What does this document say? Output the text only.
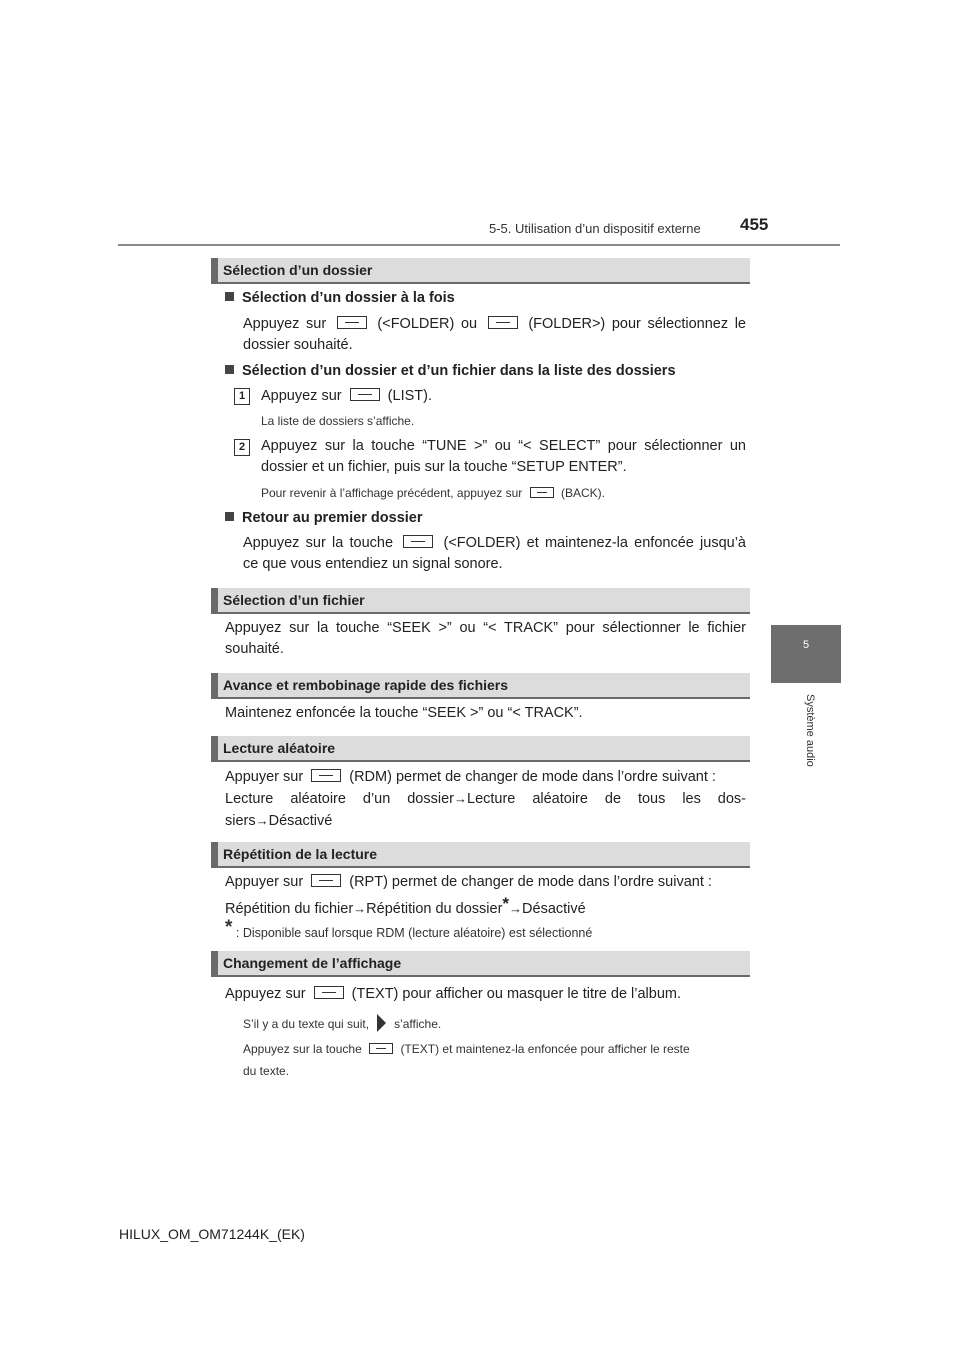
5-5. Utilisation d’un dispositif externe 455
5
Système audio
Sélection d’un dossier
Sélection d’un dossier à la fois
Appuyez sur	(<FOLDER) ou	(FOLDER>) pour sélectionnez le
dossier souhaité.
Sélection d’un dossier et d’un fichier dans la liste des dossiers
1	Appuyez sur	(LIST).
La liste de dossiers s’affiche.
2	Appuyez sur la touche “TUNE >” ou “< SELECT” pour sélectionner un
dossier et un fichier, puis sur la touche “SETUP ENTER”.
Pour revenir à l’affichage précédent, appuyez sur	(BACK).
Retour au premier dossier
Appuyez sur la touche	(<FOLDER) et maintenez-la enfoncée jusqu’à
ce que vous entendiez un signal sonore.
Sélection d’un fichier
Appuyez sur la touche “SEEK >” ou “< TRACK” pour sélectionner le fichier
souhaité.
Avance et rembobinage rapide des fichiers
Maintenez enfoncée la touche “SEEK >” ou “< TRACK”.
Lecture aléatoire
Appuyer sur	(RDM) permet de changer de mode dans l’ordre suivant :
Lecture aléatoire d’un dossier→Lecture aléatoire de tous les dos-
siers→Désactivé
Répétition de la lecture
Appuyer sur	(RPT) permet de changer de mode dans l’ordre suivant :
Répétition du fichier→Répétition du dossier*→Désactivé
* : Disponible sauf lorsque RDM (lecture aléatoire) est sélectionné
Changement de l’affichage
Appuyez sur	(TEXT) pour afficher ou masquer le titre de l’album.
S’il y a du texte qui suit, s’affiche.
Appuyez sur la touche	(TEXT) et maintenez-la enfoncée pour afficher le reste
du texte.
HILUX_OM_OM71244K_(EK)
